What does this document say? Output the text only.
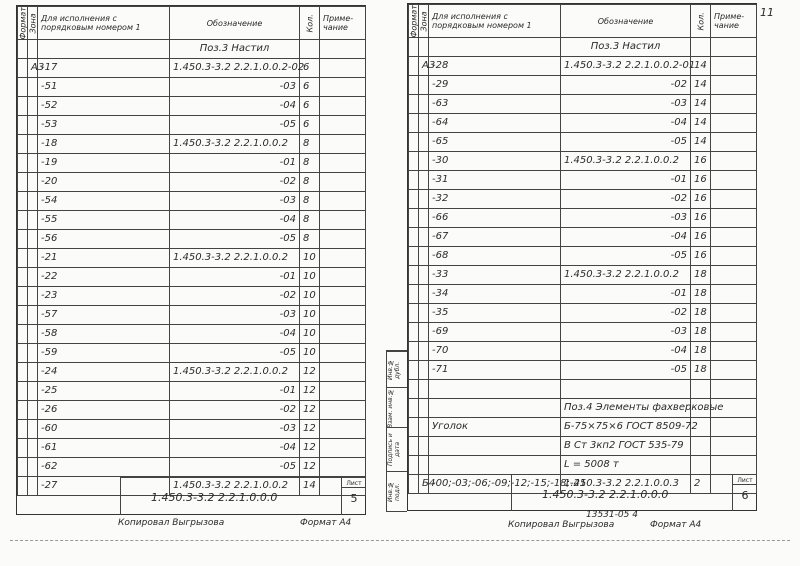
Формат	Зона	Для исполнения с порядковым номером 1	Обозначение	Кол.	Приме-чание
			Поз.3 Настил		
	А3	-17	1.450.3-3.2 2.2.1.0.0.2-02	6	
		-51	-03	6	
		-52	-04	6	
		-53	-05	6	
		-18	1.450.3-3.2 2.2.1.0.0.2	8	
		-19	-01	8	
		-20	-02	8	
		-54	-03	8	
		-55	-04	8	
		-56	-05	8	
		-21	1.450.3-3.2 2.2.1.0.0.2	10	
		-22	-01	10	
		-23	-02	10	
		-57	-03	10	
		-58	-04	10	
		-59	-05	10	
		-24	1.450.3-3.2 2.2.1.0.0.2	12	
		-25	-01	12	
		-26	-02	12	
		-60	-03	12	
		-61	-04	12	
		-62	-05	12	
		-27	1.450.3-3.2 2.2.1.0.0.2	14	
1.450.3-3.2 2.2.1.0.0.0
Лист
5
Копировал Выгрызова	Формат А4
Инв.№ дубл.
Взам. инв.№
Подпись и дата
Инв.№ подл.
Формат	Зона	Для исполнения с порядковым номером 1	Обозначение	Кол.	Приме-чание
			Поз.3 Настил		
	А3	-28	1.450.3-3.2 2.2.1.0.0.2-01	14	
		-29	-02	14	
		-63	-03	14	
		-64	-04	14	
		-65	-05	14	
		-30	1.450.3-3.2 2.2.1.0.0.2	16	
		-31	-01	16	
		-32	-02	16	
		-66	-03	16	
		-67	-04	16	
		-68	-05	16	
		-33	1.450.3-3.2 2.2.1.0.0.2	18	
		-34	-01	18	
		-35	-02	18	
		-69	-03	18	
		-70	-04	18	
		-71	-05	18	

			Поз.4 Элементы фахверковые		
		Уголок	Б-75×75×6 ГОСТ 8509-72		
			В Ст 3кп2 ГОСТ 535-79		
			L = 5008 т		
	Б4	-00;-03;-06;-09;-12;-15;-18;-21	1.450.3-3.2 2.2.1.0.0.3	2	
1.450.3-3.2 2.2.1.0.0.0
Лист
6
13531-05 4
Копировал Выгрызова	Формат А4
11
